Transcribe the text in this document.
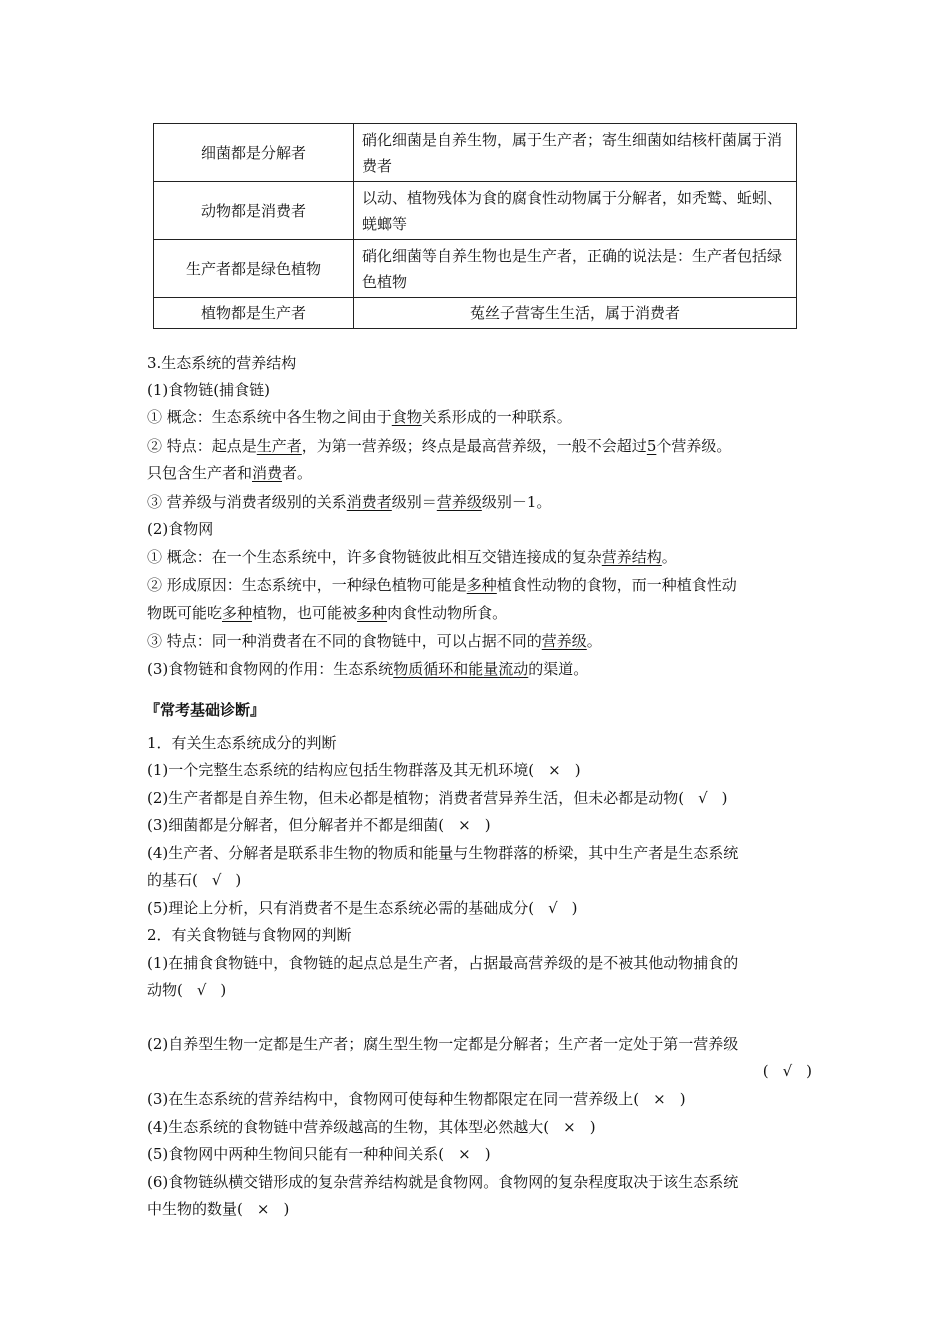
细菌都是分解者	硝化细菌是自养生物，属于生产者；寄生细菌如结核杆菌属于消费者
动物都是消费者	以动、植物残体为食的腐食性动物属于分解者，如秃鹫、蚯蚓、蜣螂等
生产者都是绿色植物	硝化细菌等自养生物也是生产者，正确的说法是：生产者包括绿色植物
植物都是生产者	菟丝子营寄生生活，属于消费者
3.生态系统的营养结构
(1)食物链(捕食链)
① 概念：生态系统中各生物之间由于食物关系形成的一种联系。
② 特点：起点是生产者，为第一营养级；终点是最高营养级，一般不会超过5个营养级。
只包含生产者和消费者。
③ 营养级与消费者级别的关系消费者级别＝营养级级别－1。
(2)食物网
① 概念：在一个生态系统中，许多食物链彼此相互交错连接成的复杂营养结构。
② 形成原因：生态系统中，一种绿色植物可能是多种植食性动物的食物，而一种植食性动
物既可能吃多种植物，也可能被多种肉食性动物所食。
③ 特点：同一种消费者在不同的食物链中，可以占据不同的营养级。
(3)食物链和食物网的作用：生态系统物质循环和能量流动的渠道。
『常考基础诊断』
1．有关生态系统成分的判断
(1)一个完整生态系统的结构应包括生物群落及其无机环境( × )
(2)生产者都是自养生物，但未必都是植物；消费者营异养生活，但未必都是动物( √ )
(3)细菌都是分解者，但分解者并不都是细菌( × )
(4)生产者、分解者是联系非生物的物质和能量与生物群落的桥梁，其中生产者是生态系统
的基石( √ )
(5)理论上分析，只有消费者不是生态系统必需的基础成分( √ )
2．有关食物链与食物网的判断
(1)在捕食食物链中，食物链的起点总是生产者，占据最高营养级的是不被其他动物捕食的
动物( √ )
(2)自养型生物一定都是生产者；腐生型生物一定都是分解者；生产者一定处于第一营养级
( √ )
(3)在生态系统的营养结构中，食物网可使每种生物都限定在同一营养级上( × )
(4)生态系统的食物链中营养级越高的生物，其体型必然越大( × )
(5)食物网中两种生物间只能有一种种间关系( × )
(6)食物链纵横交错形成的复杂营养结构就是食物网。食物网的复杂程度取决于该生态系统
中生物的数量( × )
